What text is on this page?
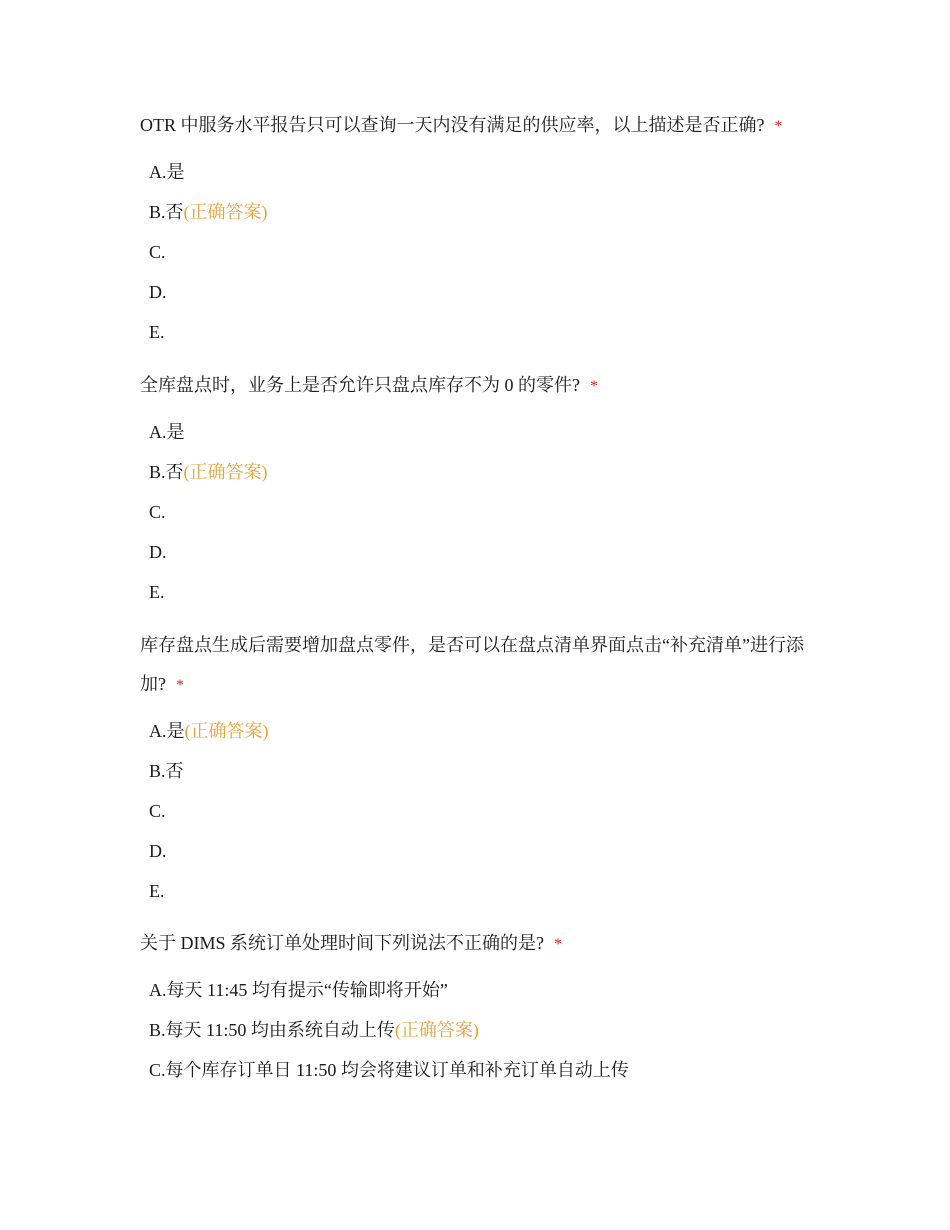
OTR 中服务水平报告只可以查询一天内没有满足的供应率，以上描述是否正确? *

A.是
B.否(正确答案)
C.
D.
E.

全库盘点时，业务上是否允许只盘点库存不为 0 的零件? *

A.是
B.否(正确答案)
C.
D.
E.

库存盘点生成后需要增加盘点零件，是否可以在盘点清单界面点击“补充清单”进行添加? *

A.是(正确答案)
B.否
C.
D.
E.

关于 DIMS 系统订单处理时间下列说法不正确的是? *

A.每天 11:45 均有提示“传输即将开始”
B.每天 11:50 均由系统自动上传(正确答案)
C.每个库存订单日 11:50 均会将建议订单和补充订单自动上传
